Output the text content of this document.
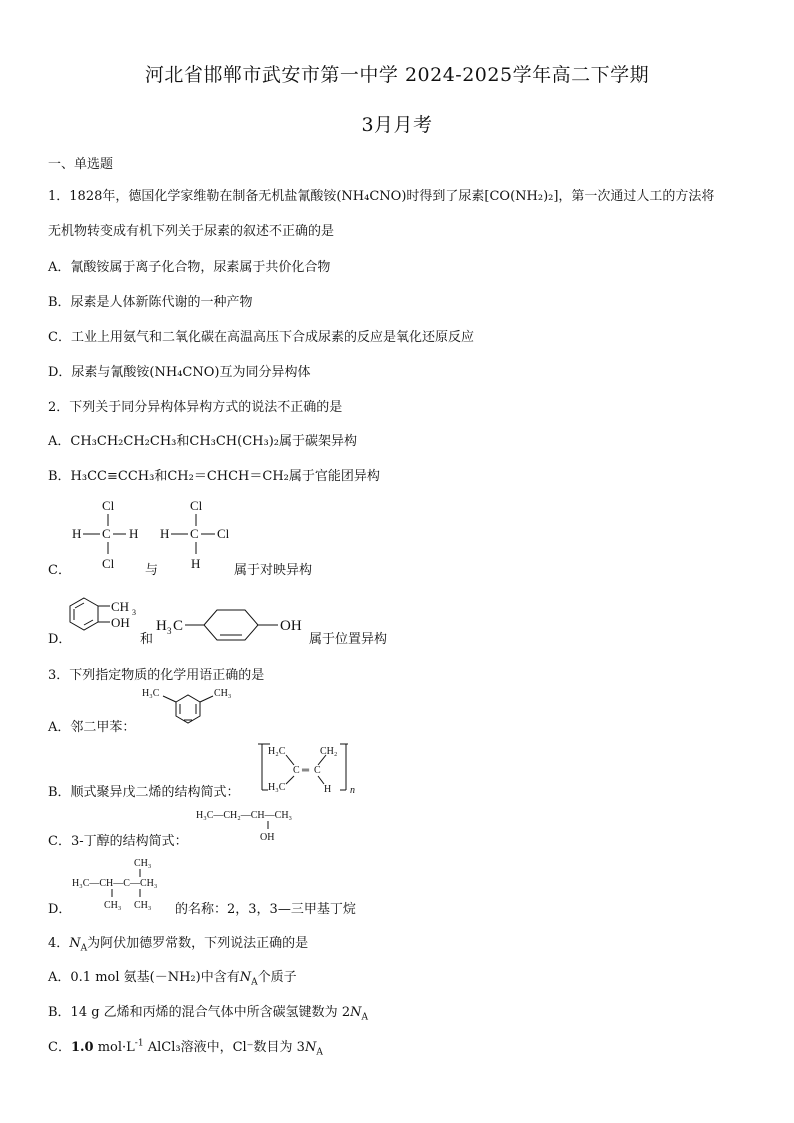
河北省邯郸市武安市第一中学 2024-2025学年高二下学期
3月月考
一、单选题
1．1828年，德国化学家维勒在制备无机盐氰酸铵(NH₄CNO)时得到了尿素[CO(NH₂)₂]，第一次通过人工的方法将
无机物转变成有机下列关于尿素的叙述不正确的是
A．氰酸铵属于离子化合物，尿素属于共价化合物
B．尿素是人体新陈代谢的一种产物
C．工业上用氨气和二氧化碳在高温高压下合成尿素的反应是氧化还原反应
D．尿素与氰酸铵(NH₄CNO)互为同分异构体
2．下列关于同分异构体异构方式的说法不正确的是
A．CH₃CH₂CH₂CH₃和CH₃CH(CH₃)₂属于碳架异构
B．H₃CC≡CCH₃和CH₂＝CHCH＝CH₂属于官能团异构
C．
Cl
H C H
Cl 与
Cl
H C Cl
H	属于对映异构
D．
CH 3
OH
和
H 3 C	OH
属于位置异构
3．下列指定物质的化学用语正确的是
A．邻二甲苯：
H₃C	CH₃
B．顺式聚异戊二烯的结构简式：
H₂C	CH₂
C ═ C
H₃C	H n
C．3-丁醇的结构简式：
H₃C—CH₂—CH—CH₃
OH
D．
CH₃
H₃C—CH—C—CH₃
CH₃ CH₃ 的名称：2，3，3—三甲基丁烷
4．$N_A$为阿伏加德罗常数，下列说法正确的是
A．0.1 mol 氨基(－NH₂)中含有$N_A$个质子
B．14 g 乙烯和丙烯的混合气体中所含碳氢键数为 $2N_A$
C．1.0 $mol\cdot L^{-1}$ AlCl₃溶液中，Cl⁻数目为 $3N_A$
